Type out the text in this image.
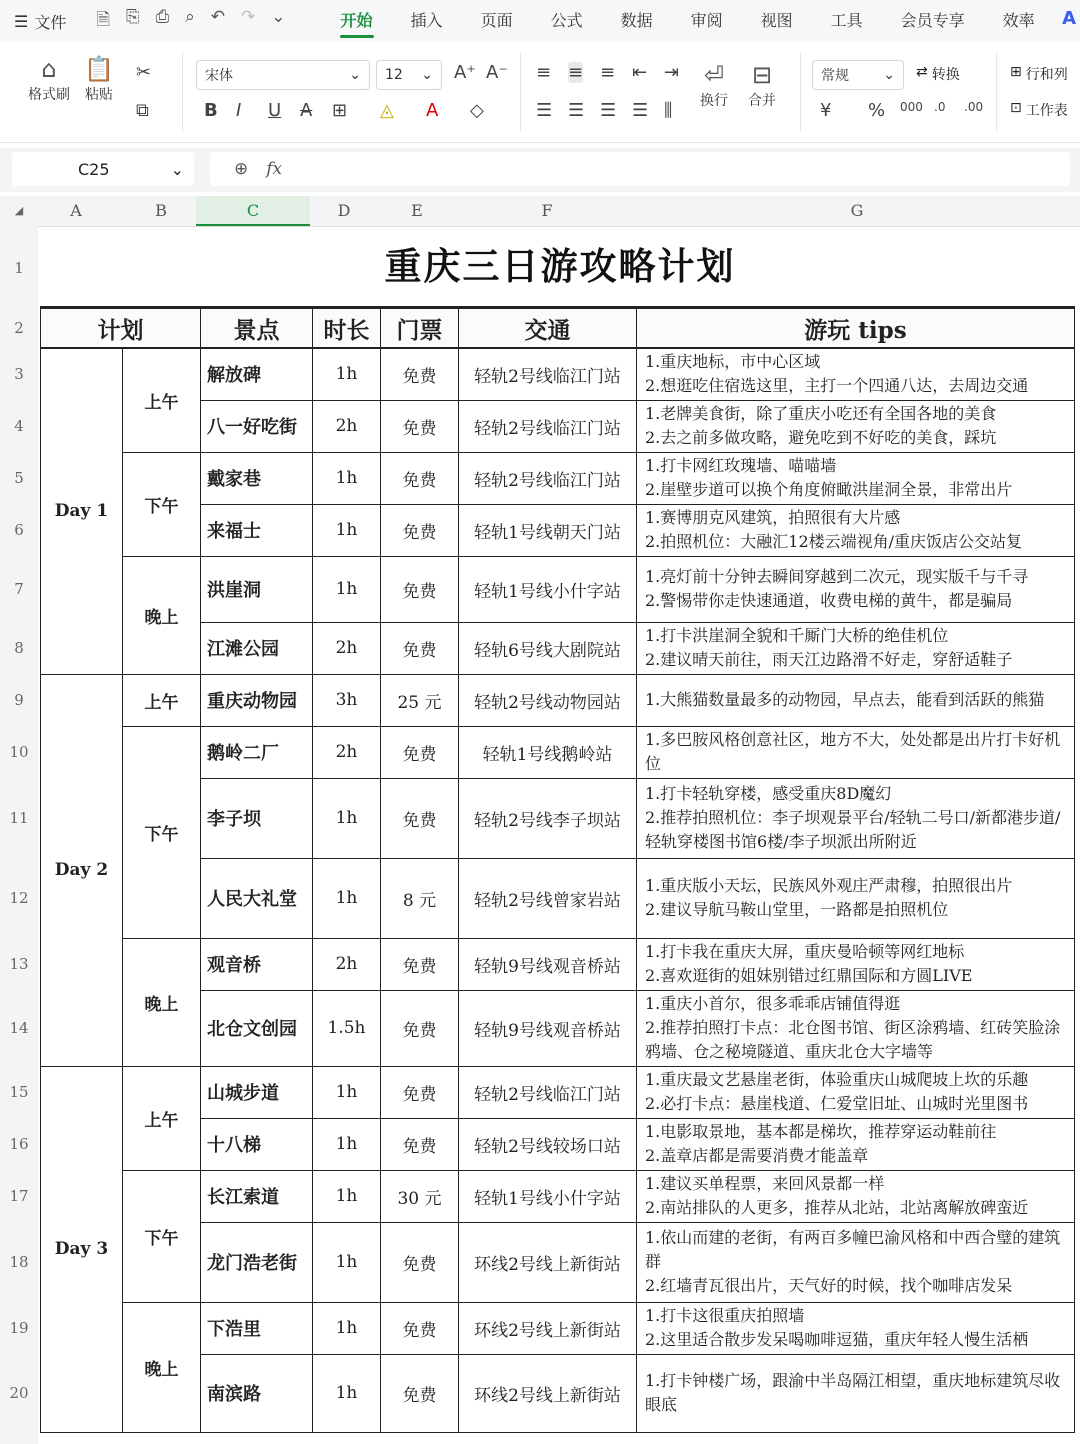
☰ 文件 🗎 ⎘ ⎙ ⌕ ↶ ↷ ⌄	开始	插入	页面	公式	数据	审阅	视图	工具	会员专享	效率	A
⌂
格式刷
📋
粘贴
✂
⧉
宋体	⌄ 12 ⌄ A⁺ A⁻
B I U A ⊞ ◬ A ◇
≡ ≡ ≡ ⇤ ⇥
☰ ☰ ☰ ☰ ⫼
⏎
换行
⊟
合并
常规 ⌄ ⇄ 转换
¥ % 000 .0 .00
⊞ 行和列
⊡ 工作表
C25	⌄	⊕ fx
◢	A	B	C	D	E	F	G
1
2
3
4
5
6
7
8
9
10
11
12
13
14
15
16
17
18
19
20
重庆三日游攻略计划
计划		景点	时长	门票	交通	游玩 tips
Day 1	上午	解放碑	1h	免费	轻轨2号线临江门站	1.重庆地标，市中心区域
2.想逛吃住宿选这里，主打一个四通八达，去周边交通

		八一好吃街	2h	免费	轻轨2号线临江门站	1.老牌美食街，除了重庆小吃还有全国各地的美食
2.去之前多做攻略，避免吃到不好吃的美食，踩坑

	下午	戴家巷	1h	免费	轻轨2号线临江门站	1.打卡网红玫瑰墙、喵喵墙
2.崖壁步道可以换个角度俯瞰洪崖洞全景，非常出片

		来福士	1h	免费	轻轨1号线朝天门站	1.赛博朋克风建筑，拍照很有大片感
2.拍照机位：大融汇12楼云端视角/重庆饭店公交站复

	晚上	洪崖洞	1h	免费	轻轨1号线小什字站	1.亮灯前十分钟去瞬间穿越到二次元，现实版千与千寻
2.警惕带你走快速通道，收费电梯的黄牛，都是骗局

		江滩公园	2h	免费	轻轨6号线大剧院站	1.打卡洪崖洞全貌和千厮门大桥的绝佳机位
2.建议晴天前往，雨天江边路滑不好走，穿舒适鞋子

Day 2	上午	重庆动物园	3h	25 元	轻轨2号线动物园站	1.大熊猫数量最多的动物园，早点去，能看到活跃的熊猫

	下午	鹅岭二厂	2h	免费	轻轨1号线鹅岭站	1.多巴胺风格创意社区，地方不大，处处都是出片打卡好机位

		李子坝	1h	免费	轻轨2号线李子坝站	1.打卡轻轨穿楼，感受重庆8D魔幻
2.推荐拍照机位：李子坝观景平台/轻轨二号口/新都港步道/轻轨穿楼图书馆6楼/李子坝派出所附近

		人民大礼堂	1h	8 元	轻轨2号线曾家岩站	1.重庆版小天坛，民族风外观庄严肃穆，拍照很出片
2.建议导航马鞍山堂里，一路都是拍照机位

	晚上	观音桥	2h	免费	轻轨9号线观音桥站	1.打卡我在重庆大屏，重庆曼哈顿等网红地标
2.喜欢逛街的姐妹别错过红鼎国际和方圆LIVE

		北仓文创园	1.5h	免费	轻轨9号线观音桥站	1.重庆小首尔，很多乖乖店铺值得逛
2.推荐拍照打卡点：北仓图书馆、街区涂鸦墙、红砖笑脸涂鸦墙、仓之秘境隧道、重庆北仓大字墙等

Day 3	上午	山城步道	1h	免费	轻轨2号线临江门站	1.重庆最文艺悬崖老街，体验重庆山城爬坡上坎的乐趣
2.必打卡点：悬崖栈道、仁爱堂旧址、山城时光里图书

		十八梯	1h	免费	轻轨2号线较场口站	1.电影取景地，基本都是梯坎，推荐穿运动鞋前往
2.盖章店都是需要消费才能盖章

	下午	长江索道	1h	30 元	轻轨1号线小什字站	1.建议买单程票，来回风景都一样
2.南站排队的人更多，推荐从北站，北站离解放碑蛮近

		龙门浩老街	1h	免费	环线2号线上新街站	1.依山而建的老街，有两百多幢巴渝风格和中西合璧的建筑群
2.红墙青瓦很出片，天气好的时候，找个咖啡店发呆

	晚上	下浩里	1h	免费	环线2号线上新街站	1.打卡这很重庆拍照墙
2.这里适合散步发呆喝咖啡逗猫，重庆年轻人慢生活栖

		南滨路	1h	免费	环线2号线上新街站	1.打卡钟楼广场，跟渝中半岛隔江相望，重庆地标建筑尽收眼底
